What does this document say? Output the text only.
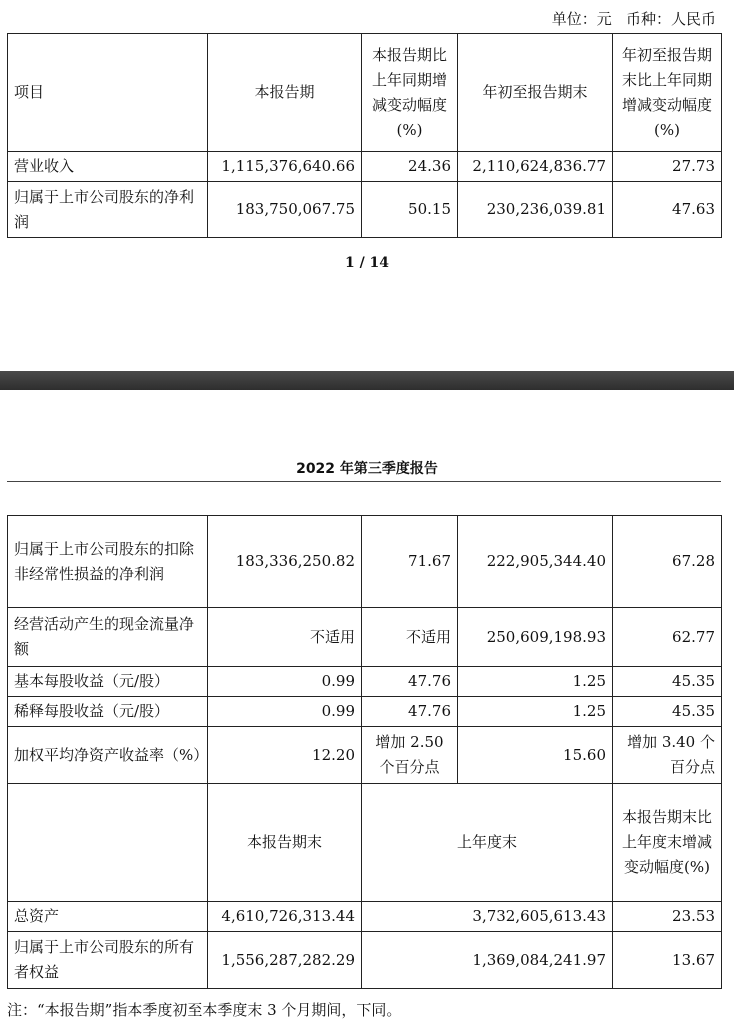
单位：元   币种：人民币
项目	本报告期	本报告期比上年同期增减变动幅度(%)	年初至报告期末	年初至报告期末比上年同期增减变动幅度(%)
营业收入	1,115,376,640.66	24.36	2,110,624,836.77	27.73
归属于上市公司股东的净利润	183,750,067.75	50.15	230,236,039.81	47.63
1 / 14
2022 年第三季度报告
归属于上市公司股东的扣除非经常性损益的净利润	183,336,250.82	71.67	222,905,344.40	67.28
经营活动产生的现金流量净额	不适用	不适用	250,609,198.93	62.77
基本每股收益（元/股）	0.99	47.76	1.25	45.35
稀释每股收益（元/股）	0.99	47.76	1.25	45.35
加权平均净资产收益率（%）	12.20	增加 2.50 个百分点	15.60	增加 3.40 个百分点
	本报告期末	上年度末		本报告期末比上年度末增减变动幅度(%)
总资产	4,610,726,313.44	3,732,605,613.43		23.53
归属于上市公司股东的所有者权益	1,556,287,282.29	1,369,084,241.97		13.67
注：“本报告期”指本季度初至本季度末 3 个月期间，下同。
